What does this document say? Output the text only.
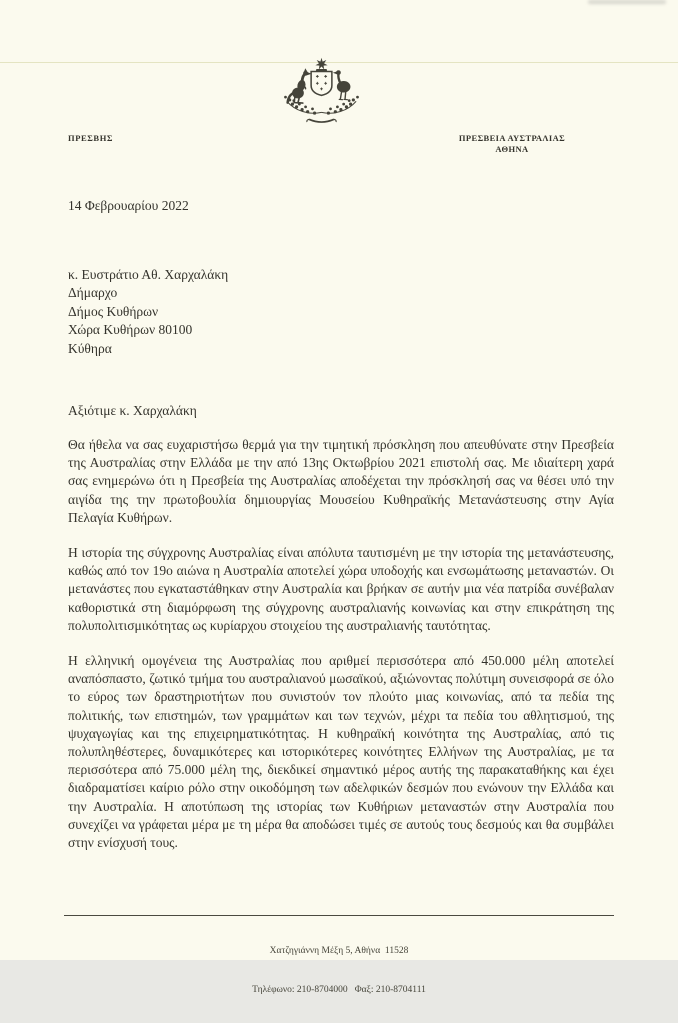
ΠΡΕΣΒΗΣ	ΠΡΕΣΒΕΙΑ ΑΥΣΤΡΑΛΙΑΣ
ΑΘΗΝΑ
14 Φεβρουαρίου 2022
κ. Ευστράτιο Αθ. Χαρχαλάκη
Δήμαρχο
Δήμος Κυθήρων
Χώρα Κυθήρων 80100
Κύθηρα
Αξιότιμε κ. Χαρχαλάκη

Θα ήθελα να σας ευχαριστήσω θερμά για την τιμητική πρόσκληση που απευθύνατε στην Πρεσβεία της Αυστραλίας στην Ελλάδα με την από 13ης Οκτωβρίου 2021 επιστολή σας. Με ιδιαίτερη χαρά σας ενημερώνω ότι η Πρεσβεία της Αυστραλίας αποδέχεται την πρόσκλησή σας να θέσει υπό την αιγίδα της την πρωτοβουλία δημιουργίας Μουσείου Κυθηραϊκής Μετανάστευσης στην Αγία Πελαγία Κυθήρων.

Η ιστορία της σύγχρονης Αυστραλίας είναι απόλυτα ταυτισμένη με την ιστορία της μετανάστευσης, καθώς από τον 19ο αιώνα η Αυστραλία αποτελεί χώρα υποδοχής και ενσωμάτωσης μεταναστών. Οι μετανάστες που εγκαταστάθηκαν στην Αυστραλία και βρήκαν σε αυτήν μια νέα πατρίδα συνέβαλαν καθοριστικά στη διαμόρφωση της σύγχρονης αυστραλιανής κοινωνίας και στην επικράτηση της πολυπολιτισμικότητας ως κυρίαρχου στοιχείου της αυστραλιανής ταυτότητας.

Η ελληνική ομογένεια της Αυστραλίας που αριθμεί περισσότερα από 450.000 μέλη αποτελεί αναπόσπαστο, ζωτικό τμήμα του αυστραλιανού μωσαϊκού, αξιώνοντας πολύτιμη συνεισφορά σε όλο το εύρος των δραστηριοτήτων που συνιστούν τον πλούτο μιας κοινωνίας, από τα πεδία της πολιτικής, των επιστημών, των γραμμάτων και των τεχνών, μέχρι τα πεδία του αθλητισμού, της ψυχαγωγίας και της επιχειρηματικότητας. Η κυθηραϊκή κοινότητα της Αυστραλίας, από τις πολυπληθέστερες, δυναμικότερες και ιστορικότερες κοινότητες Ελλήνων της Αυστραλίας, με τα περισσότερα από 75.000 μέλη της, διεκδικεί σημαντικό μέρος αυτής της παρακαταθήκης και έχει διαδραματίσει καίριο ρόλο στην οικοδόμηση των αδελφικών δεσμών που ενώνουν την Ελλάδα και την Αυστραλία. Η αποτύπωση της ιστορίας των Κυθήριων μεταναστών στην Αυστραλία που συνεχίζει να γράφεται μέρα με τη μέρα θα αποδώσει τιμές σε αυτούς τους δεσμούς και θα συμβάλει στην ενίσχυσή τους.

Χατζηγιάννη Μέξη 5, Αθήνα  11528

Τηλέφωνο: 210-8704000   Φαξ: 210-8704111
